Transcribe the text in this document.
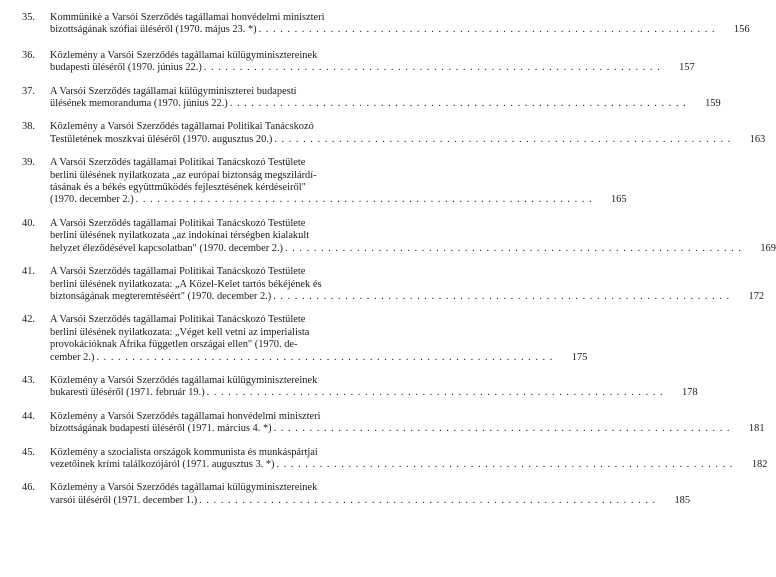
35.	Kommünikė a Varsói Szerződés tagállamai honvédelmi miniszteri
bizottságának szófiai üléséről (1970. május 23. *) . . .	156
36.	Közlemény a Varsói Szerződés tagállamai külügyminisztereinek
budapesti üléséről (1970. június 22.) . . .	157
37.	A Varsói Szerződés tagállamai külügyminiszterei budapesti
ülésének memoranduma (1970. június 22.) . . .	159
38.	Közlemény a Varsói Szerződés tagállamai Politikai Tanácskozó
Testületének moszkvai üléséről (1970. augusztus 20.) . . .	163
39.	A Varsói Szerződés tagállamai Politikai Tanácskozó Testülete
berlini ülésének nyilatkozata „az európai biztonság megszilárdí-
tásának és a békés együttműködés fejlesztésének kérdéseiről"
(1970. december 2.) . . .	165
40.	A Varsói Szerződés tagállamai Politikai Tanácskozó Testülete
berlini ülésének nyilatkozata „az indokínai térségben kialakult
helyzet éleződésével kapcsolatban" (1970. december 2.) . . .	169
41.	A Varsói Szerződés tagállamai Politikai Tanácskozó Testülete
berlini ülésének nyilatkozata: „A Közel-Kelet tartós békéjének és
biztonságának megteremtéséért" (1970. december 2.) . . .	172
42.	A Varsói Szerződés tagállamai Politikai Tanácskozó Testülete
berlini ülésének nyilatkozata: „Véget kell vetni az imperialista
provokációknak Afrika független országai ellen" (1970. de-
cember 2.) . . .	175
43.	Közlemény a Varsói Szerződés tagállamai külügyminisztereinek
bukaresti üléséről (1971. február 19.) . . .	178
44.	Közlemény a Varsói Szerződés tagállamai honvédelmi miniszteri
bizottságának budapesti üléséről (1971. március 4. *) . . .	181
45.	Közlemény a szocialista országok kommunista és munkáspártjai
vezetőinek krími találkozójáról (1971. augusztus 3. *) . . .	182
46.	Közlemény a Varsói Szerződés tagállamai külügyminisztereinek
varsói üléséről (1971. december 1.) . . .	185
